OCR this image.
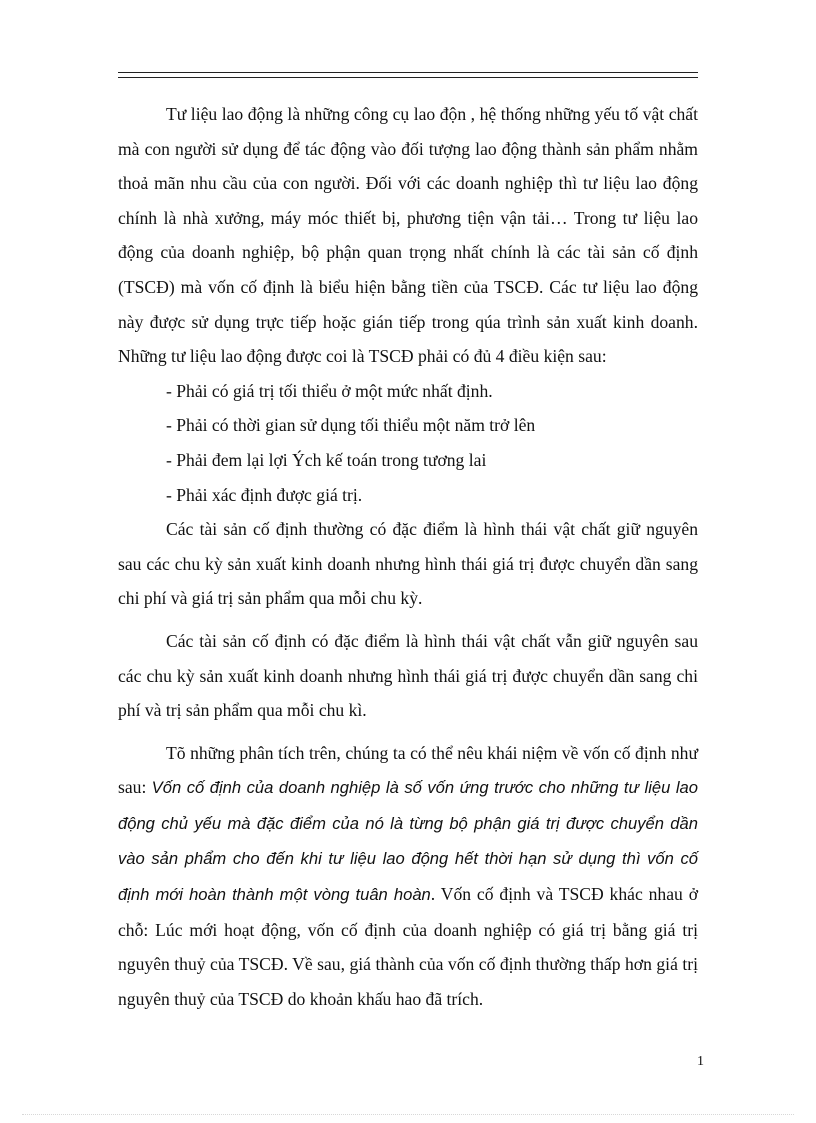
Tư liệu lao động là những công cụ lao độn , hệ thống những yếu tố vật chất mà con người sử dụng để tác động vào đối tượng lao động thành sản phẩm nhằm thoả mãn nhu cầu của con người. Đối với các doanh nghiệp thì tư liệu lao động chính là nhà xưởng, máy móc thiết bị, phương tiện vận tải… Trong tư liệu lao động của doanh nghiệp, bộ phận quan trọng nhất chính là các tài sản cố định (TSCĐ) mà vốn cố định là biểu hiện bằng tiền của TSCĐ. Các tư liệu lao động này được sử dụng trực tiếp hoặc gián tiếp trong qúa trình sản xuất kinh doanh. Những tư liệu lao động được coi là TSCĐ phải có đủ 4 điều kiện sau:

- Phải có giá trị tối thiểu ở một mức nhất định.

- Phải có thời gian sử dụng tối thiểu một năm trở lên

- Phải đem lại lợi Ých kế toán trong tương lai

- Phải xác định được giá trị.

Các tài sản cố định thường có đặc điểm là hình thái vật chất giữ nguyên sau các chu kỳ sản xuất kinh doanh nhưng hình thái giá trị được chuyển dần sang chi phí và giá trị sản phẩm qua mỗi chu kỳ.

Các tài sản cố định có đặc điểm là hình thái vật chất vẫn giữ nguyên sau các chu kỳ sản xuất kinh doanh nhưng hình thái giá trị được chuyển dần sang chi phí và trị sản phẩm qua mỗi chu kì.

Tõ những phân tích trên, chúng ta có thể nêu khái niệm về vốn cố định như sau: Vốn cố định của doanh nghiệp là số vốn ứng trước cho những tư liệu lao động chủ yếu mà đặc điểm của nó là từng bộ phận giá trị được chuyển dần vào sản phẩm cho đến khi tư liệu lao động hết thời hạn sử dụng thì vốn cố định mới hoàn thành một vòng tuân hoàn. Vốn cố định và TSCĐ khác nhau ở chỗ: Lúc mới hoạt động, vốn cố định của doanh nghiệp có giá trị bằng giá trị nguyên thuỷ của TSCĐ. Về sau, giá thành của vốn cố định thường thấp hơn giá trị nguyên thuỷ của TSCĐ do khoản khấu hao đã trích.

1
